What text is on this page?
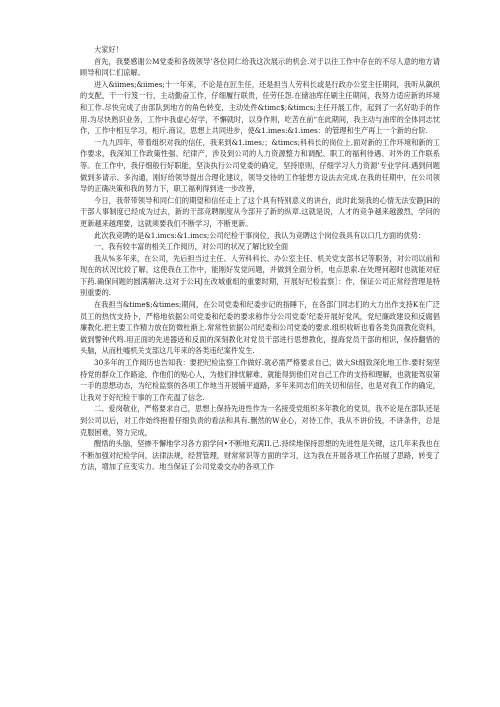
大家好！

首先，我要感谢公M党委和各级领导’各位同仁给我这次展示的机会.对于以往工作中存在的不尽人意的地方请顾导和同仁们谅解。

进入&iimes;&iimes;十一年来，不论是在匠生任，还是担当人劳科长或是行政办公室主任期间，我听从飙织的支配，干一行笈一行，主动勤奋工作，仔细履行联贵，任劳任怨.在储油库任刷主任期间，我努力适应新的环境和工作.尽快完成了由部队到地方的角色转变，主动处件&timc$;&timcs;主任开展工作，起到了一名好助手的作用.为尽快熟识业务，工作中我虚心好学，不懈就时，以身作则，吃苦在前“在此期间，我主动与油库的全体同志忱作，工作中相互学习，相斤.商议，思想上共同进步，使&1.imes:&1.imes：的管理和生产再上一个新的台阶.

一九九四年，带着组织对我的信任，我来到&1.imes;；&timcs;科科长的岗位上.面对新的工作环境和新的工作要求，我深知工作政策性强、纪律产，涉及到公司的人力资源整力和调配、职工的福利待遇、对外的工作联系等。在工作中，我仔细般行好职能，坚淡执行公司党委的确定，坚持原则，仔细学习人力资源’专业学问.遇到问题做到多请示、多沟通，刚好给领导提出合理化建议，领导交待的工作能想方设法去完成.在我的任期中，在公司领导的正确决策和我的努力下，职工福利得到进一步改善，

今日，我带带领导和同仁们的期望和信任走上了这个具有特别意义的讲台，此时此刻我的心情无法安静JH的干部人事制度已经成为过去，新的干部竞聘制度从今部开了新的纵章.这就是说，人才的竞争越来越激烈，学问的更新越来越理要，这就须要我们不断学习，不断更新。

此次我竞聘的是&1.imcs:&1.imcs;公司纪检干事岗位，我认为竞聘这个岗位我具有以口几方面的优势：

一、我有较丰富的相关工作阅历，对公司的状况了解比较全面

我从%多年来，在公司，先后担当过主任、人劳科科长、办公室主任、机关党支部书记等职务，对公司以前和现在的状况比较了解，这使我在工作中，能刚好发觉问题，并做到全面分析，电点思索.在处理何超时也就能对症下药.确保问题的圆满解决.这对于公HJ在改城重组的重要时期，开展好纪检监察］：作，保证公司正常经营理是特别重要的.

在我担当&time$;&times;期间，在公司党委和纪委步记的指睡下，在各部门同志们的大力出作支持K在广泛员工的热忱支持卜，严格地依据公司党委和纪委的要求称作分公司党委’纪委开展好党风，党纪廉政建设和反腐倡廉教化.把主要工作精力放在防微杜渐上.常常性依据公司纪委和公司党委的要求.组织收昕也看各类负面教化资料，做到警钟代鸣.用正面的先进器迹和反面的深刻教化对党员干部进行思想教化，提海党员干部的相识，保持翻惜的头脑，从而杜嘘机关支部这几年来的各类违纪案件发生.

30多年的工作阅历也告知我：要把纪检监察工作做好.就必需严格要求自己，做大St细致深化地工作.要时刻坚持党的群众工作路途，作他们的贴心人，为他们排忧解难，就能得到他们对自己工作的支持和理解，也就能驾驭第一手的思想动态，为纪检监察的各项工作地当开展铺平道路，多年来同志们的关切和信任，也是对我工作的确定，让我对于好纪检干事的工作充温了信念.

二、爱岗敬业，严格要求自己，思想上保持先进性作为一名接受党组织多年教化的党员，我不论是在部队还是到公司以后，对工作始终抱着仔细负责的看法和具有.删然的W业心，对待工作，我从不讲价钱，不讲条件，总是克服困难，努力完成，

醒悟的头脑，坚掺不懈地学习各方面学问•不断地充满II.己.持续地保持思想的先进性是关键，这几年来我也在不断加强对纪检学问，法律法规，经营管理，财常常识等方面的学习，这为我在开展各项工作拓展了思路，转变了方法，增加了应变实力。地当保证了公司党委交办的各项工作
